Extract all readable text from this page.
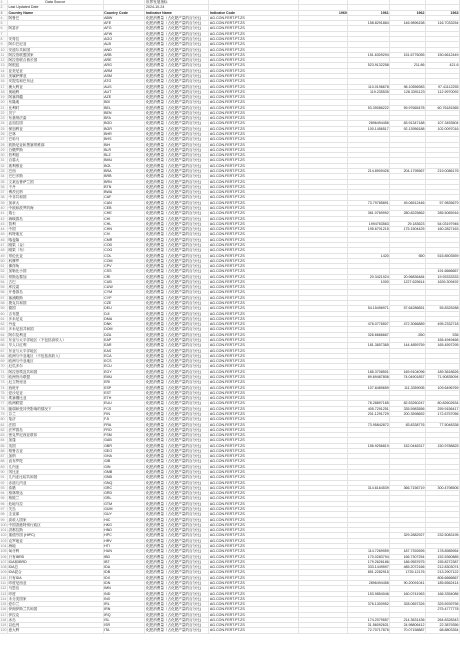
1	Data Source		世界发展指标					
2	Last Updated Date		2024-10-24					
3	Country Name	Country Code	Indicator Name	Indicator Code	1960	1961	1962	1963
4	阿鲁巴	ABW	化肥消费量（占化肥产量的百分比)	AG.CON.FERT.PT.ZS				
5		AFE	化肥消费量（占化肥产量的百分比)	AG.CON.FERT.PT.ZS		158.8291884	146.9896158	116.7033254
6	阿富汗	AFG	化肥消费量（占化肥产量的百分比)	AG.CON.FERT.PT.ZS				
7		AFW	化肥消费量（占化肥产量的百分比)	AG.CON.FERT.PT.ZS				
8	安哥拉	AGO	化肥消费量（占化肥产量的百分比)	AG.CON.FERT.PT.ZS				
9	阿尔巴尼亚	ALB	化肥消费量（占化肥产量的百分比)	AG.CON.FERT.PT.ZS				
10	安道尔共和国	AND	化肥消费量（占化肥产量的百分比)	AG.CON.FERT.PT.ZS				
11	阿拉伯联盟国家	ARB	化肥消费量（占化肥产量的百分比)	AG.CON.FERT.PT.ZS		151.6309294	151.6776055	150.6612449
12	阿拉伯联合酋长国	ARE	化肥消费量（占化肥产量的百分比)	AG.CON.FERT.PT.ZS				
13	阿根廷	ARG	化肥消费量（占化肥产量的百分比)	AG.CON.FERT.PT.ZS		523.9132258	211.86	421.6
14	亚美尼亚	ARM	化肥消费量（占化肥产量的百分比)	AG.CON.FERT.PT.ZS				
15	美属萨摩亚	ASM	化肥消费量（占化肥产量的百分比)	AG.CON.FERT.PT.ZS				
16	安提瓜和巴布达	ATG	化肥消费量（占化肥产量的百分比)	AG.CON.FERT.PT.ZS				
17	澳大利亚	AUS	化肥消费量（占化肥产量的百分比)	AG.CON.FERT.PT.ZS		110.0196678	98.10556983	97.41112255
18	奥地利	AUT	化肥消费量（占化肥产量的百分比)	AG.CON.FERT.PT.ZS		119.235535	128.3391123	112.9970092
19	阿塞拜疆	AZE	化肥消费量（占化肥产量的百分比)	AG.CON.FERT.PT.ZS				
20	布隆迪	BDI	化肥消费量（占化肥产量的百分比)	AG.CON.FERT.PT.ZS				
21	比利时	BEL	化肥消费量（占化肥产量的百分比)	AG.CON.FERT.PT.ZS		53.39086222	59.97665478	60.76181565
22	贝宁	BEN	化肥消费量（占化肥产量的百分比)	AG.CON.FERT.PT.ZS				
23	布基纳法索	BFA	化肥消费量（占化肥产量的百分比)	AG.CON.FERT.PT.ZS				
24	孟加拉国	BGD	化肥消费量（占化肥产量的百分比)	AG.CON.FERT.PT.ZS		2896494456	83.91347188	107.3453504
25	保加利亚	BGR	化肥消费量（占化肥产量的百分比)	AG.CON.FERT.PT.ZS		100.1456517	92.13956188	102.0097016
26	巴林	BHR	化肥消费量（占化肥产量的百分比)	AG.CON.FERT.PT.ZS				
27	巴哈马	BHS	化肥消费量（占化肥产量的百分比)	AG.CON.FERT.PT.ZS				
28	波斯尼亚和黑塞哥维那	BIH	化肥消费量（占化肥产量的百分比)	AG.CON.FERT.PT.ZS				
29	白俄罗斯	BLR	化肥消费量（占化肥产量的百分比)	AG.CON.FERT.PT.ZS				
30	伯利兹	BLZ	化肥消费量（占化肥产量的百分比)	AG.CON.FERT.PT.ZS				
31	百慕大	BMU	化肥消费量（占化肥产量的百分比)	AG.CON.FERT.PT.ZS				
32	玻利维亚	BOL	化肥消费量（占化肥产量的百分比)	AG.CON.FERT.PT.ZS				
33	巴西	BRA	化肥消费量（占化肥产量的百分比)	AG.CON.FERT.PT.ZS		214.8909426	204.1795567	219.0086176
34	巴巴多斯	BRB	化肥消费量（占化肥产量的百分比)	AG.CON.FERT.PT.ZS				
35	文莱达鲁萨兰国	BRN	化肥消费量（占化肥产量的百分比)	AG.CON.FERT.PT.ZS				
36	不丹	BTN	化肥消费量（占化肥产量的百分比)	AG.CON.FERT.PT.ZS				
37	博茨瓦纳	BWA	化肥消费量（占化肥产量的百分比)	AG.CON.FERT.PT.ZS				
38	中非共和国	CAF	化肥消费量（占化肥产量的百分比)	AG.CON.FERT.PT.ZS				
39	加拿大	CAN	化肥消费量（占化肥产量的百分比)	AG.CON.FERT.PT.ZS		73.79785891	49.06512446	57.9835679
40	中欧和波罗的海	CEB	化肥消费量（占化肥产量的百分比)	AG.CON.FERT.PT.ZS				
41	瑞士	CHE	化肥消费量（占化肥产量的百分比)	AG.CON.FERT.PT.ZS		361.0769992	280.8225862	285.5065916
42	海峡群岛	CHI	化肥消费量（占化肥产量的百分比)	AG.CON.FERT.PT.ZS				
43	智利	CHL	化肥消费量（占化肥产量的百分比)	AG.CON.FERT.PT.ZS		1994763563	29.183623	54.03197946
44	中国	CHN	化肥消费量（占化肥产量的百分比)	AG.CON.FERT.PT.ZS		195.6701215	175.1504425	160.2827163
45	科特迪瓦	CIV	化肥消费量（占化肥产量的百分比)	AG.CON.FERT.PT.ZS				
46	喀麦隆	CMR	化肥消费量（占化肥产量的百分比)	AG.CON.FERT.PT.ZS				
47	刚果（金）	COD	化肥消费量（占化肥产量的百分比)	AG.CON.FERT.PT.ZS				
48	刚果（布）	COG	化肥消费量（占化肥产量的百分比)	AG.CON.FERT.PT.ZS				
49	哥伦比亚	COL	化肥消费量（占化肥产量的百分比)	AG.CON.FERT.PT.ZS		1420	650	515.8503559
50	科摩罗	COM	化肥消费量（占化肥产量的百分比)	AG.CON.FERT.PT.ZS				
51	佛得角	CPV	化肥消费量（占化肥产量的百分比)	AG.CON.FERT.PT.ZS				
52	加勒比小国	CSS	化肥消费量（占化肥产量的百分比)	AG.CON.FERT.PT.ZS				191.6666667
53	哥斯达黎加	CRI	化肥消费量（占化肥产量的百分比)	AG.CON.FERT.PT.ZS		20.3421924	20.96836484	19.93333333
54	古巴	CUB	化肥消费量（占化肥产量的百分比)	AG.CON.FERT.PT.ZS		1000	1227.625614	1639.309492
55	库拉索	CUW	化肥消费量（占化肥产量的百分比)	AG.CON.FERT.PT.ZS				
56	开曼群岛	CYM	化肥消费量（占化肥产量的百分比)	AG.CON.FERT.PT.ZS				
57	塞浦路斯	CYP	化肥消费量（占化肥产量的百分比)	AG.CON.FERT.PT.ZS				
58	捷克共和国	CZE	化肥消费量（占化肥产量的百分比)	AG.CON.FERT.PT.ZS				
59	德国	DEU	化肥消费量（占化肥产量的百分比)	AG.CON.FERT.PT.ZS		54.15496971	57.64286651	55.8325288
60	吉布提	DJI	化肥消费量（占化肥产量的百分比)	AG.CON.FERT.PT.ZS				
61	多米尼克	DMA	化肥消费量（占化肥产量的百分比)	AG.CON.FERT.PT.ZS				
62	丹麦	DNK	化肥消费量（占化肥产量的百分比)	AG.CON.FERT.PT.ZS		476.0776507	472.3066889	495.2332718
63	多米尼加共和国	DOM	化肥消费量（占化肥产量的百分比)	AG.CON.FERT.PT.ZS				
64	阿尔及利亚	DZA	化肥消费量（占化肥产量的百分比)	AG.CON.FERT.PT.ZS		326.6666667	-550	536
65	东亚与太平洋地区（不包括高收入）	EAP	化肥消费量（占化肥产量的百分比)	AG.CON.FERT.PT.ZS				165.4949466
66	早人口红利	EAR	化肥消费量（占化肥产量的百分比)	AG.CON.FERT.PT.ZS		181.3657365	144.4859759	165.4597295
67	东亚与太平洋地区	EAS	化肥消费量（占化肥产量的百分比)	AG.CON.FERT.PT.ZS				
68	欧洲与中亚地区（不包括高收入）	ECA	化肥消费量（占化肥产量的百分比)	AG.CON.FERT.PT.ZS				
69	欧洲与中亚地区	ECS	化肥消费量（占化肥产量的百分比)	AG.CON.FERT.PT.ZS				
70	厄瓜多尔	ECU	化肥消费量（占化肥产量的百分比)	AG.CON.FERT.PT.ZS				
71	阿拉伯埃及共和国	EGY	化肥消费量（占化肥产量的百分比)	AG.CON.FERT.PT.ZS		185.3708501	169.9104096	189.3618626
72	欧洲货币联盟	EMU	化肥消费量（占化肥产量的百分比)	AG.CON.FERT.PT.ZS		69.69487806	74.04901857	71.90835094
73	厄立特里亚	ERI	化肥消费量（占化肥产量的百分比)	AG.CON.FERT.PT.ZS				
74	西班牙	ESP	化肥消费量（占化肥产量的百分比)	AG.CON.FERT.PT.ZS		107.8489659	111.3359005	109.6496769
75	爱沙尼亚	EST	化肥消费量（占化肥产量的百分比)	AG.CON.FERT.PT.ZS				
76	埃塞俄比亚	ETH	化肥消费量（占化肥产量的百分比)	AG.CON.FERT.PT.ZS				
77	欧洲联盟	EUU	化肥消费量（占化肥产量的百分比)	AG.CON.FERT.PT.ZS		78.28897165	82.53260247	80.82602634
78	脆弱和受冲突影响的情况下	FCS	化肥消费量（占化肥产量的百分比)	AG.CON.FERT.PT.ZS		405.7291251	335.5983556	259.9156417
79	芬兰	FIN	化肥消费量（占化肥产量的百分比)	AG.CON.FERT.PT.ZS		201.1291729	200.3598652	172.6757056
80	斐济	FJI	化肥消费量（占化肥产量的百分比)	AG.CON.FERT.PT.ZS				
81	法国	FRA	化肥消费量（占化肥产量的百分比)	AG.CON.FERT.PT.ZS		73.95842872	83.8338776	77.5048338
82	法罗群岛	FRO	化肥消费量（占化肥产量的百分比)	AG.CON.FERT.PT.ZS				
83	密克罗尼西亚联邦	FSM	化肥消费量（占化肥产量的百分比)	AG.CON.FERT.PT.ZS				
84	加蓬	GAB	化肥消费量（占化肥产量的百分比)	AG.CON.FERT.PT.ZS				
85	英国	GBR	化肥消费量（占化肥产量的百分比)	AG.CON.FERT.PT.ZS		156.9256819	152.0446317	150.9788825
86	格鲁吉亚	GEO	化肥消费量（占化肥产量的百分比)	AG.CON.FERT.PT.ZS				
87	加纳	GHA	化肥消费量（占化肥产量的百分比)	AG.CON.FERT.PT.ZS				
88	直布罗陀	GIB	化肥消费量（占化肥产量的百分比)	AG.CON.FERT.PT.ZS				
89	几内亚	GIN	化肥消费量（占化肥产量的百分比)	AG.CON.FERT.PT.ZS				
90	冈比亚	GMB	化肥消费量（占化肥产量的百分比)	AG.CON.FERT.PT.ZS				
91	几内亚比绍共和国	GNB	化肥消费量（占化肥产量的百分比)	AG.CON.FERT.PT.ZS				
92	赤道几内亚	GNQ	化肥消费量（占化肥产量的百分比)	AG.CON.FERT.PT.ZS				
93	希腊	GRC	化肥消费量（占化肥产量的百分比)	AG.CON.FERT.PT.ZS		314.6164539	366.7156719	300.4798506
94	格林纳达	GRD	化肥消费量（占化肥产量的百分比)	AG.CON.FERT.PT.ZS				
95	格陵兰	GRL	化肥消费量（占化肥产量的百分比)	AG.CON.FERT.PT.ZS				
96	危地马拉	GTM	化肥消费量（占化肥产量的百分比)	AG.CON.FERT.PT.ZS				
97	关岛	GUM	化肥消费量（占化肥产量的百分比)	AG.CON.FERT.PT.ZS				
98	圭亚那	GUY	化肥消费量（占化肥产量的百分比)	AG.CON.FERT.PT.ZS				
99	高收入国家	HIC	化肥消费量（占化肥产量的百分比)	AG.CON.FERT.PT.ZS				
100	中国香港特别行政区	HKG	化肥消费量（占化肥产量的百分比)	AG.CON.FERT.PT.ZS				
101	洪都拉斯	HND	化肥消费量（占化肥产量的百分比)	AG.CON.FERT.PT.ZS				
102	重债穷国 (HIPC)	HPC	化肥消费量（占化肥产量的百分比)	AG.CON.FERT.PT.ZS			329.2882927	232.5083195
103	克罗地亚	HRV	化肥消费量（占化肥产量的百分比)	AG.CON.FERT.PT.ZS				
104	海地	HTI	化肥消费量（占化肥产量的百分比)	AG.CON.FERT.PT.ZS				
105	匈牙利	HUN	化肥消费量（占化肥产量的百分比)	AG.CON.FERT.PT.ZS		114.7269959	187.7392695	178.8985954
106	只有IBRD	IBD	化肥消费量（占化肥产量的百分比)	AG.CON.FERT.PT.ZS		170.0283794	166.7307254	152.5360885
107	IDA和IBRD	IBT	化肥消费量（占化肥产量的百分比)	AG.CON.FERT.PT.ZS		179.2626186	186.9557675	155.8272387
108	IDA总	IDA	化肥消费量（占化肥产量的百分比)	AG.CON.FERT.PT.ZS		333.1449597	485.2072166	212.8303074
109	IDA混合	IDB	化肥消费量（占化肥产量的百分比)	AG.CON.FERT.PT.ZS		851.2282915	1739.12176	213.2907122
110	只有IDA	IDX	化肥消费量（占化肥产量的百分比)	AG.CON.FERT.PT.ZS				806.6666667
111	印度尼西亚	IDN	化肥消费量（占化肥产量的百分比)	AG.CON.FERT.PT.ZS		2896494456	90.20091041	185.6562414
112	马恩岛	IMN	化肥消费量（占化肥产量的百分比)	AG.CON.FERT.PT.ZS				
113	印度	IND	化肥消费量（占化肥产量的百分比)	AG.CON.FERT.PT.ZS		153.9854046	160.0741963	166.3354086
114	未分类国家	INX	化肥消费量（占化肥产量的百分比)	AG.CON.FERT.PT.ZS				
115	爱尔兰	IRL	化肥消费量（占化肥产量的百分比)	AG.CON.FERT.PT.ZS		376.1300952	328.0657326	325.5939756
116	伊朗伊斯兰共和国	IRN	化肥消费量（占化肥产量的百分比)	AG.CON.FERT.PT.ZS				275.4777778
117	伊拉克	IRQ	化肥消费量（占化肥产量的百分比)	AG.CON.FERT.PT.ZS				
118	冰岛	ISL	化肥消费量（占化肥产量的百分比)	AG.CON.FERT.PT.ZS		174.2079557	214.3631436	264.8328343
119	以色列	ISR	化肥消费量（占化肥产量的百分比)	AG.CON.FERT.PT.ZS		31.56092631	24.98806412	22.3879356
120	意大利	ITA	化肥消费量（占化肥产量的百分比)	AG.CON.FERT.PT.ZS		72.70717878	70.07158887	68.8803354
